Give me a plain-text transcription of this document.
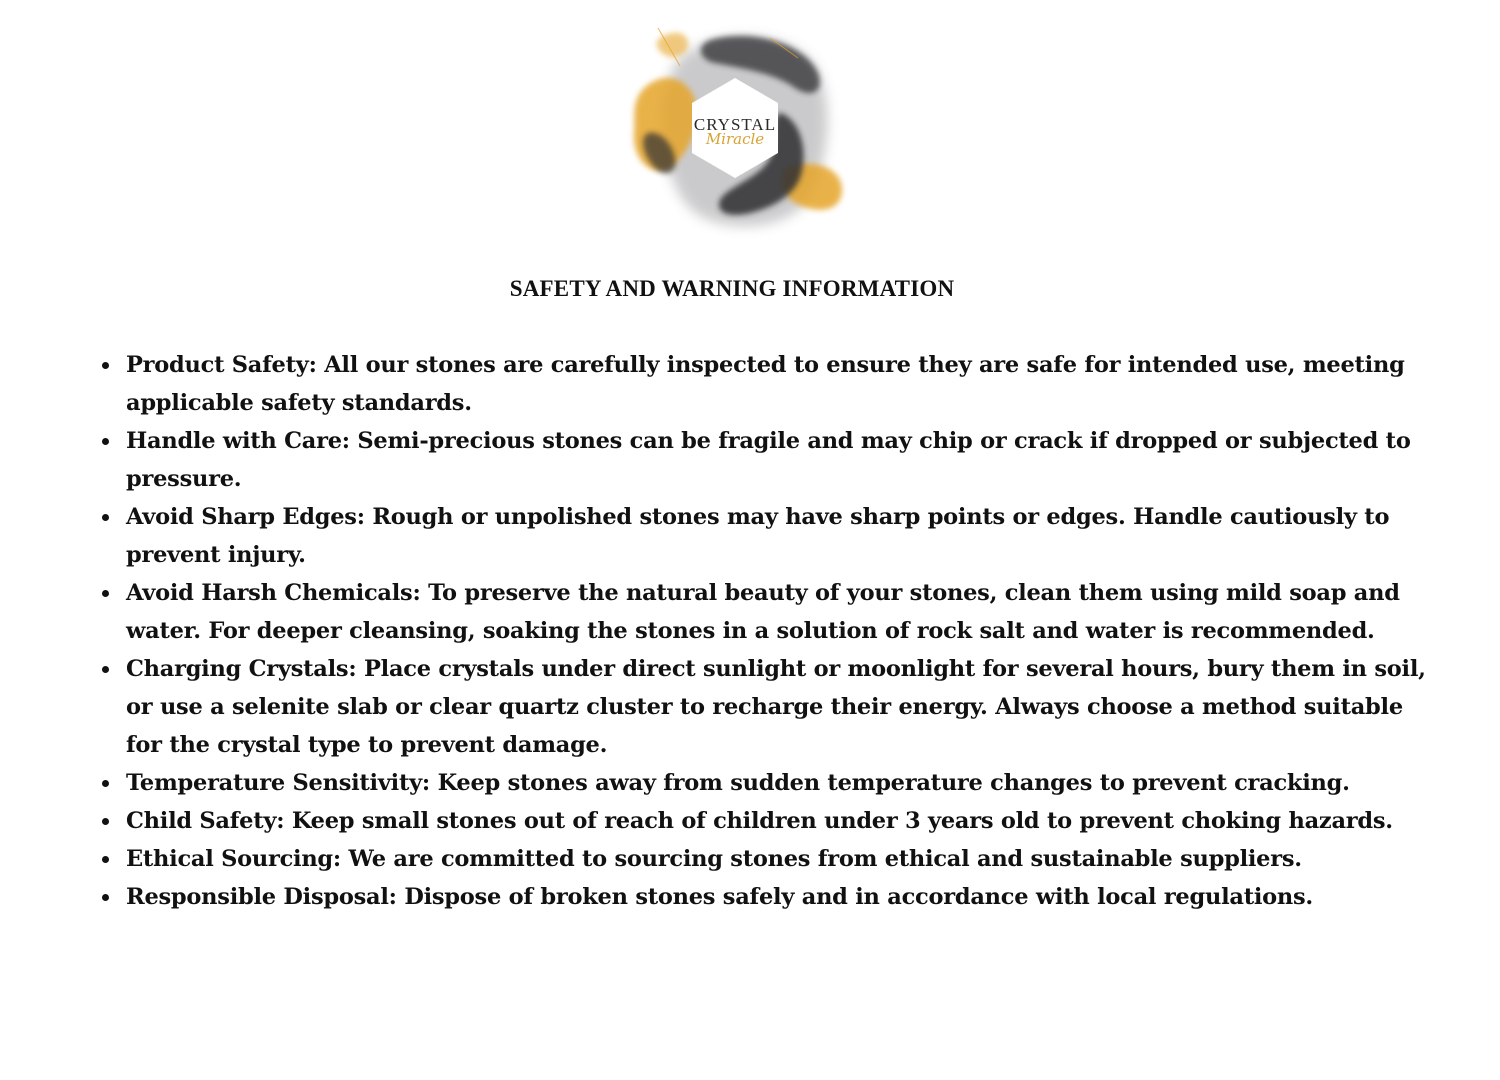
CRYSTAL
Miracle
SAFETY AND WARNING INFORMATION
Product Safety: All our stones are carefully inspected to ensure they are safe for intended use, meeting applicable safety standards.
Handle with Care: Semi-precious stones can be fragile and may chip or crack if dropped or subjected to pressure.
Avoid Sharp Edges: Rough or unpolished stones may have sharp points or edges. Handle cautiously to prevent injury.
Avoid Harsh Chemicals: To preserve the natural beauty of your stones, clean them using mild soap and water. For deeper cleansing, soaking the stones in a solution of rock salt and water is recommended.
Charging Crystals: Place crystals under direct sunlight or moonlight for several hours, bury them in soil, or use a selenite slab or clear quartz cluster to recharge their energy. Always choose a method suitable for the crystal type to prevent damage.
Temperature Sensitivity: Keep stones away from sudden temperature changes to prevent cracking.
Child Safety: Keep small stones out of reach of children under 3 years old to prevent choking hazards.
Ethical Sourcing: We are committed to sourcing stones from ethical and sustainable suppliers.
Responsible Disposal: Dispose of broken stones safely and in accordance with local regulations.
